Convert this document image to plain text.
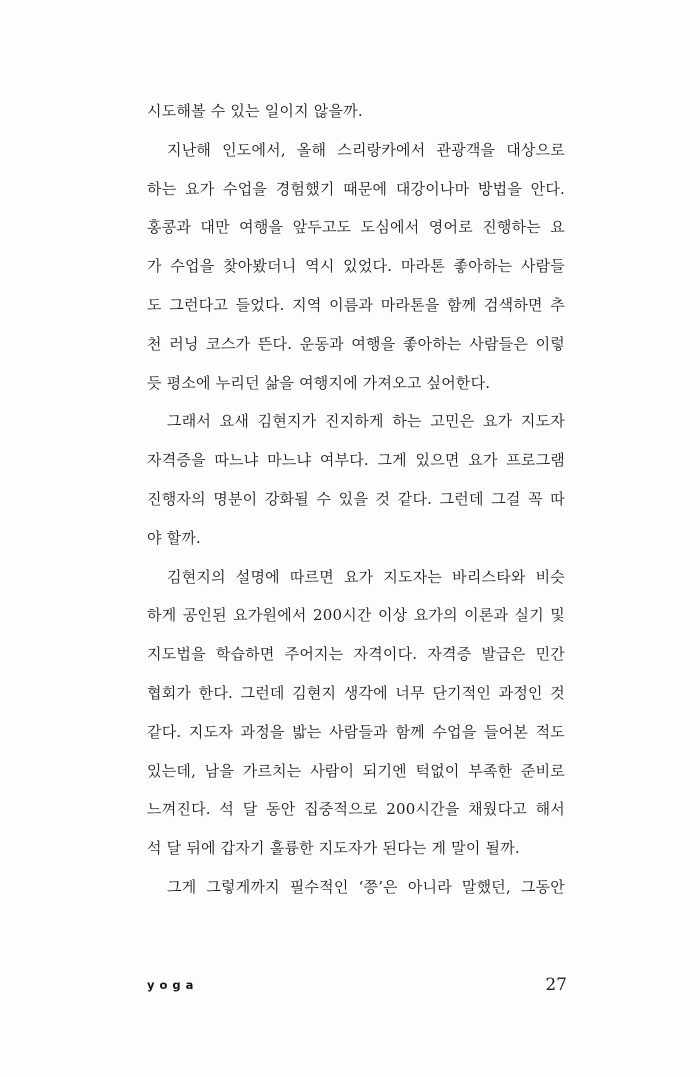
시도해볼 수 있는 일이지 않을까.
지난해 인도에서, 올해 스리랑카에서 관광객을 대상으로
하는 요가 수업을 경험했기 때문에 대강이나마 방법을 안다.
홍콩과 대만 여행을 앞두고도 도심에서 영어로 진행하는 요
가 수업을 찾아봤더니 역시 있었다. 마라톤 좋아하는 사람들
도 그런다고 들었다. 지역 이름과 마라톤을 함께 검색하면 추
천 러닝 코스가 뜬다. 운동과 여행을 좋아하는 사람들은 이렇
듯 평소에 누리던 삶을 여행지에 가져오고 싶어한다.
그래서 요새 김현지가 진지하게 하는 고민은 요가 지도자
자격증을 따느냐 마느냐 여부다. 그게 있으면 요가 프로그램
진행자의 명분이 강화될 수 있을 것 같다. 그런데 그걸 꼭 따
야 할까.
김현지의 설명에 따르면 요가 지도자는 바리스타와 비슷
하게 공인된 요가원에서 200시간 이상 요가의 이론과 실기 및
지도법을 학습하면 주어지는 자격이다. 자격증 발급은 민간
협회가 한다. 그런데 김현지 생각에 너무 단기적인 과정인 것
같다. 지도자 과정을 밟는 사람들과 함께 수업을 들어본 적도
있는데, 남을 가르치는 사람이 되기엔 턱없이 부족한 준비로
느껴진다. 석 달 동안 집중적으로 200시간을 채웠다고 해서
석 달 뒤에 갑자기 훌륭한 지도자가 된다는 게 말이 될까.
그게 그렇게까지 필수적인 ‘쯩’은 아니라 말했던, 그동안
yoga	27
